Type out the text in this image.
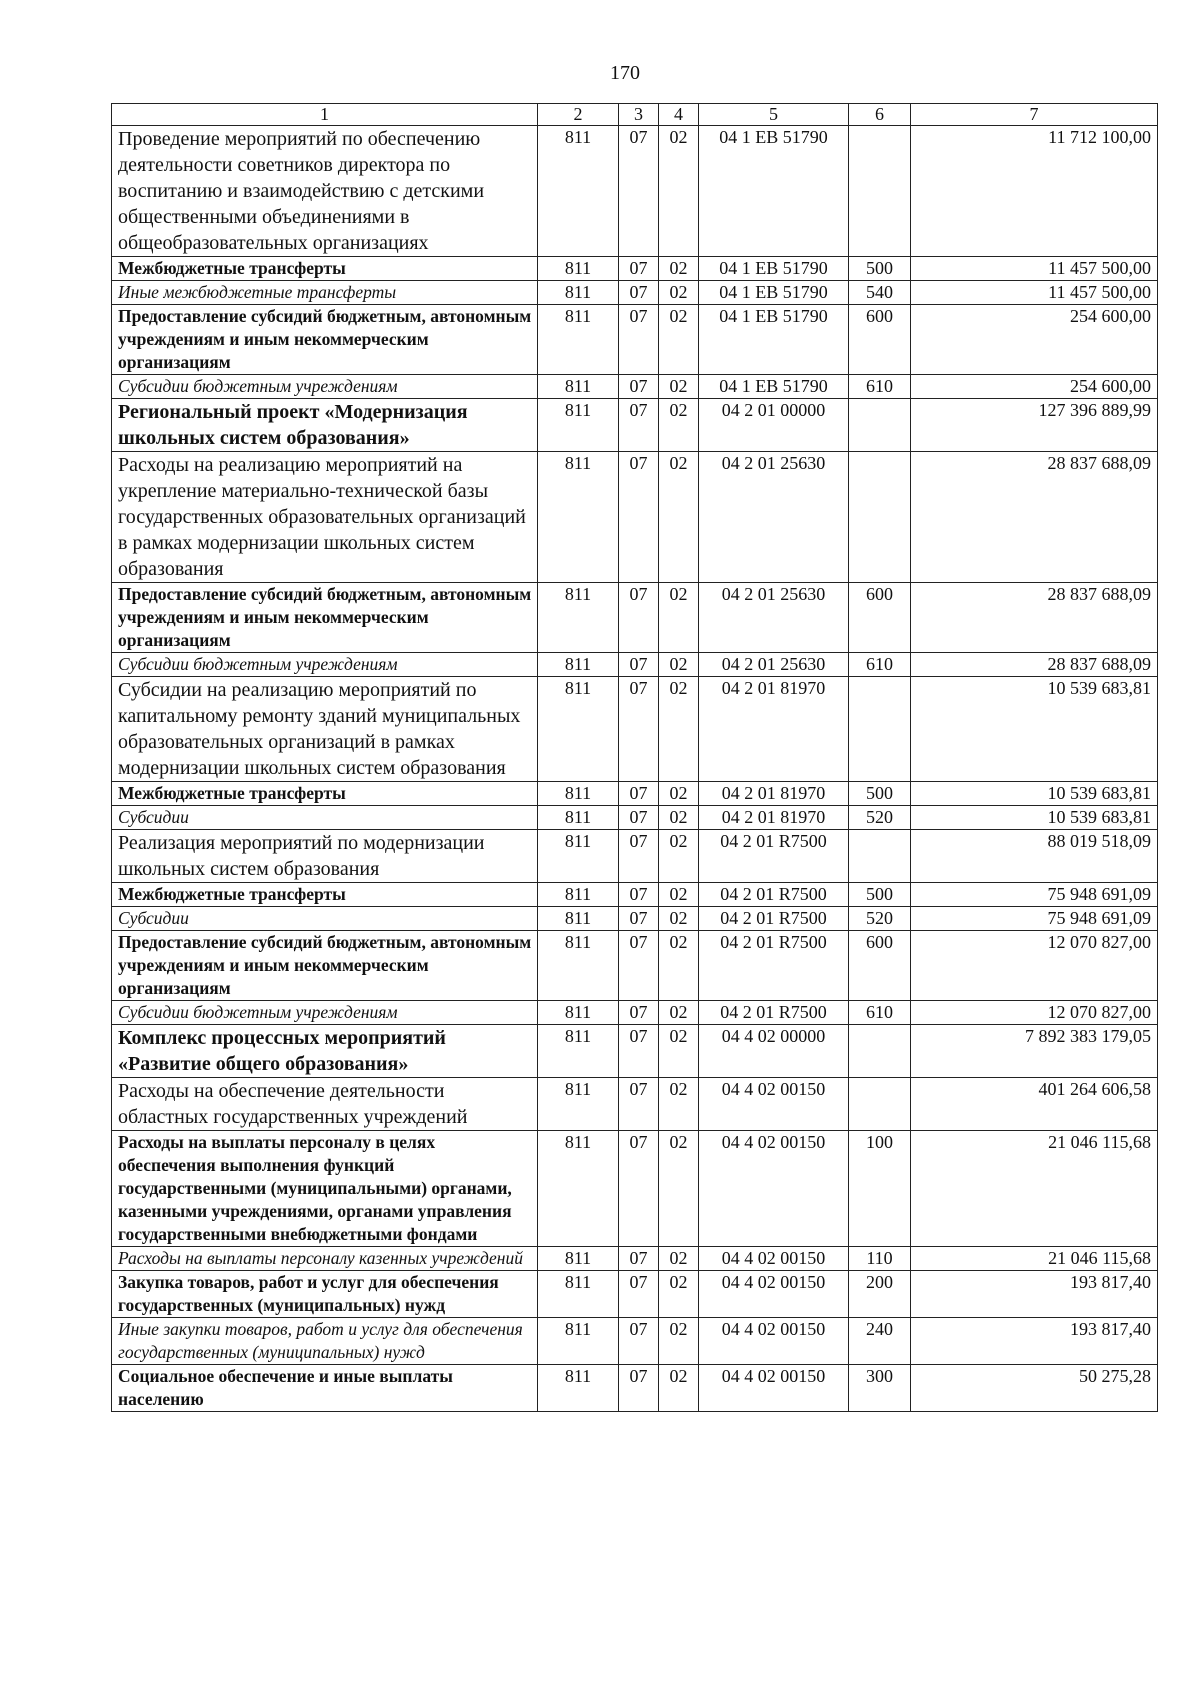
170
1	2	3	4	5	6	7
Проведение мероприятий по обеспечению деятельности советников директора по воспитанию и взаимодействию с детскими общественными объединениями в общеобразовательных организациях	811	07	02	04 1 EB 51790		11 712 100,00
Межбюджетные трансферты	811	07	02	04 1 EB 51790	500	11 457 500,00
Иные межбюджетные трансферты	811	07	02	04 1 EB 51790	540	11 457 500,00
Предоставление субсидий бюджетным, автономным учреждениям и иным некоммерческим организациям	811	07	02	04 1 EB 51790	600	254 600,00
Субсидии бюджетным учреждениям	811	07	02	04 1 EB 51790	610	254 600,00
Региональный проект «Модернизация школьных систем образования»	811	07	02	04 2 01 00000		127 396 889,99
Расходы на реализацию мероприятий на укрепление материально-технической базы государственных образовательных организаций в рамках модернизации школьных систем образования	811	07	02	04 2 01 25630		28 837 688,09
Предоставление субсидий бюджетным, автономным учреждениям и иным некоммерческим организациям	811	07	02	04 2 01 25630	600	28 837 688,09
Субсидии бюджетным учреждениям	811	07	02	04 2 01 25630	610	28 837 688,09
Субсидии на реализацию мероприятий по капитальному ремонту зданий муниципальных образовательных организаций в рамках модернизации школьных систем образования	811	07	02	04 2 01 81970		10 539 683,81
Межбюджетные трансферты	811	07	02	04 2 01 81970	500	10 539 683,81
Субсидии	811	07	02	04 2 01 81970	520	10 539 683,81
Реализация мероприятий по модернизации школьных систем образования	811	07	02	04 2 01 R7500		88 019 518,09
Межбюджетные трансферты	811	07	02	04 2 01 R7500	500	75 948 691,09
Субсидии	811	07	02	04 2 01 R7500	520	75 948 691,09
Предоставление субсидий бюджетным, автономным учреждениям и иным некоммерческим организациям	811	07	02	04 2 01 R7500	600	12 070 827,00
Субсидии бюджетным учреждениям	811	07	02	04 2 01 R7500	610	12 070 827,00
Комплекс процессных мероприятий «Развитие общего образования»	811	07	02	04 4 02 00000		7 892 383 179,05
Расходы на обеспечение деятельности областных государственных учреждений	811	07	02	04 4 02 00150		401 264 606,58
Расходы на выплаты персоналу в целях обеспечения выполнения функций государственными (муниципальными) органами, казенными учреждениями, органами управления государственными внебюджетными фондами	811	07	02	04 4 02 00150	100	21 046 115,68
Расходы на выплаты персоналу казенных учреждений	811	07	02	04 4 02 00150	110	21 046 115,68
Закупка товаров, работ и услуг для обеспечения государственных (муниципальных) нужд	811	07	02	04 4 02 00150	200	193 817,40
Иные закупки товаров, работ и услуг для обеспечения государственных (муниципальных) нужд	811	07	02	04 4 02 00150	240	193 817,40
Социальное обеспечение и иные выплаты населению	811	07	02	04 4 02 00150	300	50 275,28
